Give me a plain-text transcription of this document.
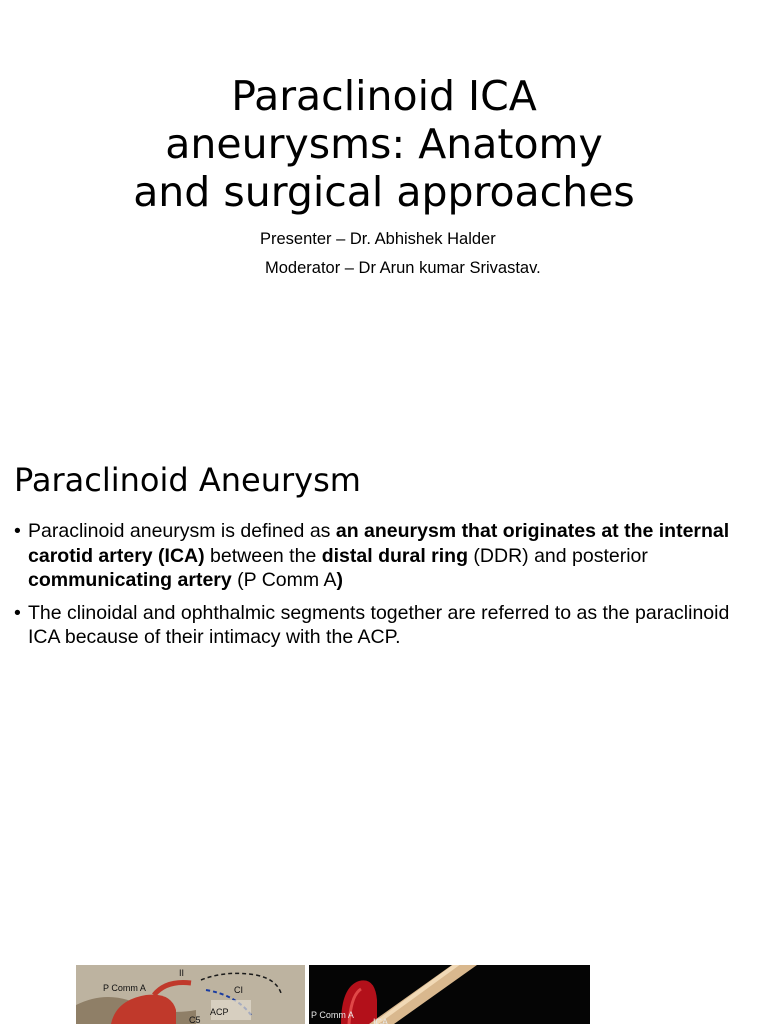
Paraclinoid ICA
aneurysms: Anatomy
and surgical approaches
Presenter – Dr. Abhishek Halder
Moderator – Dr Arun kumar Srivastav.
Paraclinoid Aneurysm
• Paraclinoid aneurysm is defined as an aneurysm that originates at the internal carotid artery (ICA) between the distal dural ring (DDR) and posterior communicating artery (P Comm A)
• The clinoidal and ophthalmic segments together are referred to as the paraclinoid ICA because of their intimacy with the ACP.
P Comm A
II
CI
ACP
C5	P Comm A
ICA
